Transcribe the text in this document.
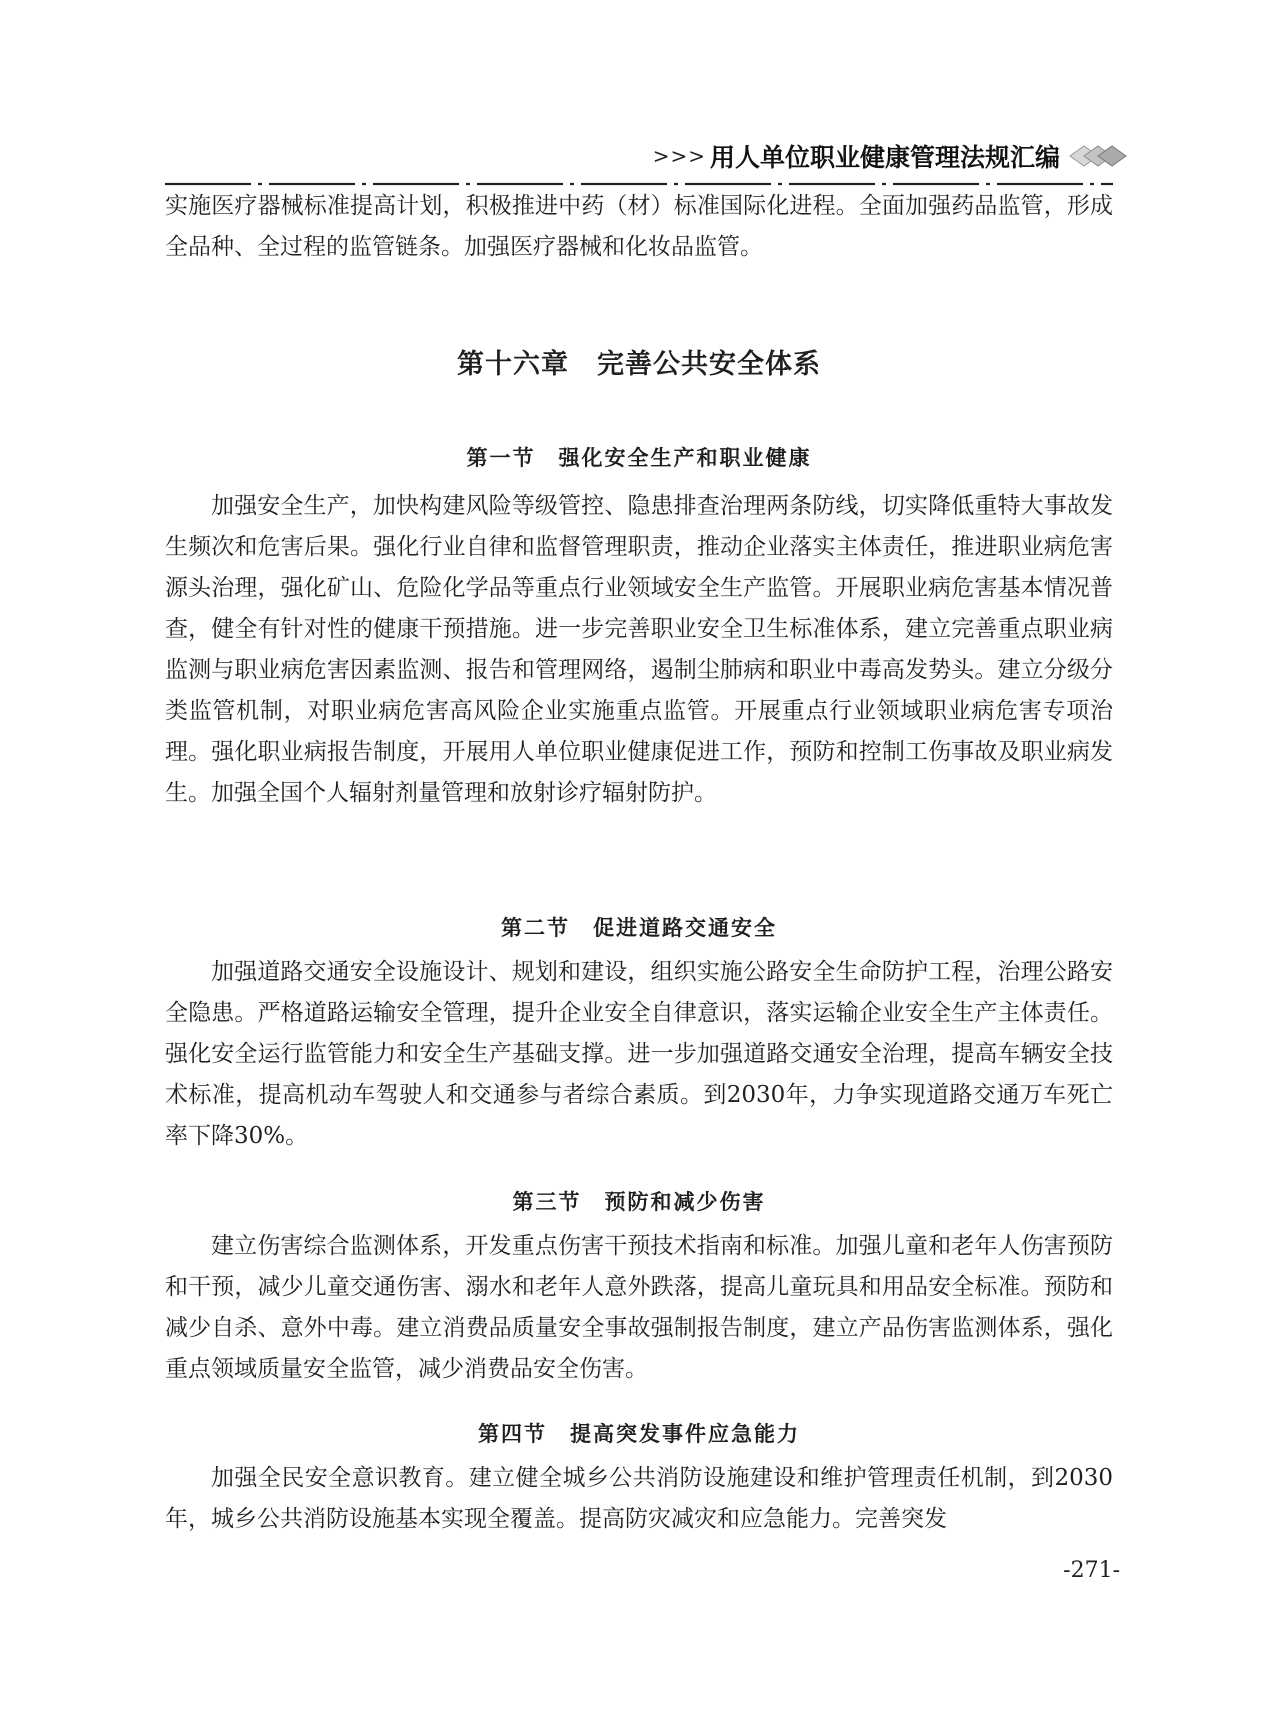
>>> 用人单位职业健康管理法规汇编

实施医疗器械标准提高计划，积极推进中药（材）标准国际化进程。全面加强药品监管，形成全品种、全过程的监管链条。加强医疗器械和化妆品监管。

第十六章　完善公共安全体系
第一节　强化安全生产和职业健康

加强安全生产，加快构建风险等级管控、隐患排查治理两条防线，切实降低重特大事故发生频次和危害后果。强化行业自律和监督管理职责，推动企业落实主体责任，推进职业病危害源头治理，强化矿山、危险化学品等重点行业领域安全生产监管。开展职业病危害基本情况普查，健全有针对性的健康干预措施。进一步完善职业安全卫生标准体系，建立完善重点职业病监测与职业病危害因素监测、报告和管理网络，遏制尘肺病和职业中毒高发势头。建立分级分类监管机制，对职业病危害高风险企业实施重点监管。开展重点行业领域职业病危害专项治理。强化职业病报告制度，开展用人单位职业健康促进工作，预防和控制工伤事故及职业病发生。加强全国个人辐射剂量管理和放射诊疗辐射防护。

第二节　促进道路交通安全

加强道路交通安全设施设计、规划和建设，组织实施公路安全生命防护工程，治理公路安全隐患。严格道路运输安全管理，提升企业安全自律意识，落实运输企业安全生产主体责任。强化安全运行监管能力和安全生产基础支撑。进一步加强道路交通安全治理，提高车辆安全技术标准，提高机动车驾驶人和交通参与者综合素质。到2030年，力争实现道路交通万车死亡率下降30%。

第三节　预防和减少伤害

建立伤害综合监测体系，开发重点伤害干预技术指南和标准。加强儿童和老年人伤害预防和干预，减少儿童交通伤害、溺水和老年人意外跌落，提高儿童玩具和用品安全标准。预防和减少自杀、意外中毒。建立消费品质量安全事故强制报告制度，建立产品伤害监测体系，强化重点领域质量安全监管，减少消费品安全伤害。

第四节　提高突发事件应急能力

加强全民安全意识教育。建立健全城乡公共消防设施建设和维护管理责任机制，到2030年，城乡公共消防设施基本实现全覆盖。提高防灾减灾和应急能力。完善突发

-271-
